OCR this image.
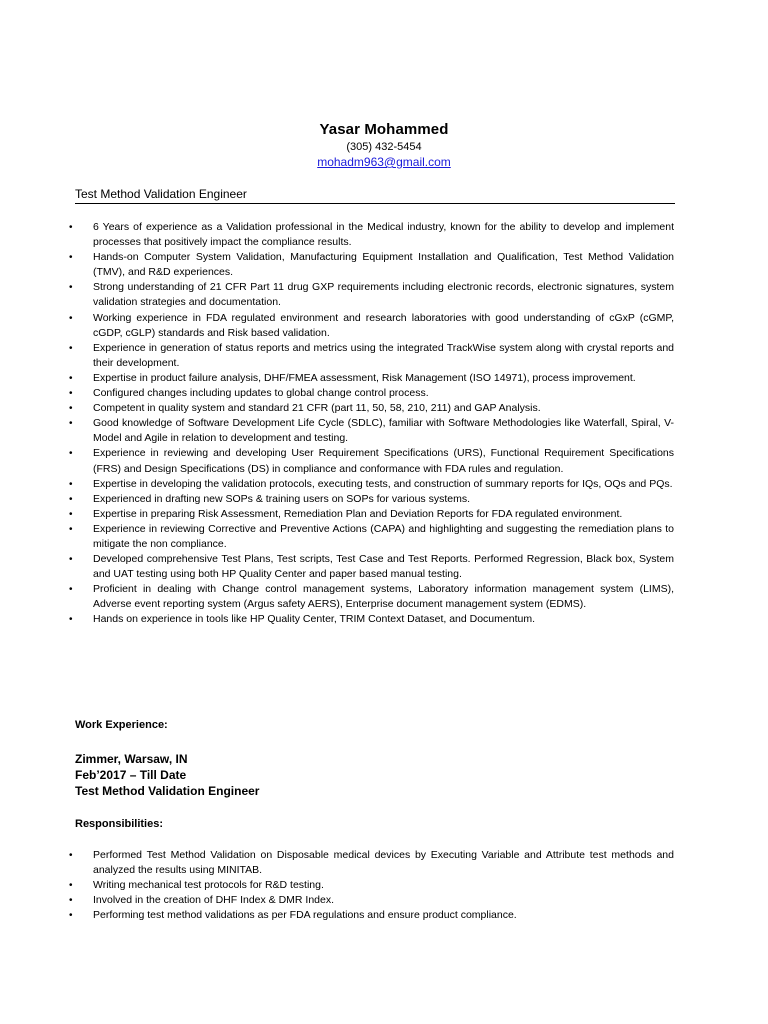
Yasar Mohammed
(305) 432-5454
mohadm963@gmail.com
Test Method Validation Engineer
• 6 Years of experience as a Validation professional in the Medical industry, known for the ability to develop and implement processes that positively impact the compliance results.
• Hands-on Computer System Validation, Manufacturing Equipment Installation and Qualification, Test Method Validation (TMV), and R&D experiences.
• Strong understanding of 21 CFR Part 11 drug GXP requirements including electronic records, electronic signatures, system validation strategies and documentation.
• Working experience in FDA regulated environment and research laboratories with good understanding of cGxP (cGMP, cGDP, cGLP) standards and Risk based validation.
• Experience in generation of status reports and metrics using the integrated TrackWise system along with crystal reports and their development.
• Expertise in product failure analysis, DHF/FMEA assessment, Risk Management (ISO 14971), process improvement.
• Configured changes including updates to global change control process.
• Competent in quality system and standard 21 CFR (part 11, 50, 58, 210, 211) and GAP Analysis.
• Good knowledge of Software Development Life Cycle (SDLC), familiar with Software Methodologies like Waterfall, Spiral, V-Model and Agile in relation to development and testing.
• Experience in reviewing and developing User Requirement Specifications (URS), Functional Requirement Specifications (FRS) and Design Specifications (DS) in compliance and conformance with FDA rules and regulation.
• Expertise in developing the validation protocols, executing tests, and construction of summary reports for IQs, OQs and PQs.
• Experienced in drafting new SOPs & training users on SOPs for various systems.
• Expertise in preparing Risk Assessment, Remediation Plan and Deviation Reports for FDA regulated environment.
• Experience in reviewing Corrective and Preventive Actions (CAPA) and highlighting and suggesting the remediation plans to mitigate the non compliance.
• Developed comprehensive Test Plans, Test scripts, Test Case and Test Reports. Performed Regression, Black box, System and UAT testing using both HP Quality Center and paper based manual testing.
• Proficient in dealing with Change control management systems, Laboratory information management system (LIMS), Adverse event reporting system (Argus safety AERS), Enterprise document management system (EDMS).
• Hands on experience in tools like HP Quality Center, TRIM Context Dataset, and Documentum.
Work Experience:
Zimmer, Warsaw, IN
Feb’2017 – Till Date
Test Method Validation Engineer
Responsibilities:
• Performed Test Method Validation on Disposable medical devices by Executing Variable and Attribute test methods and analyzed the results using MINITAB.
• Writing mechanical test protocols for R&D testing.
• Involved in the creation of DHF Index & DMR Index.
• Performing test method validations as per FDA regulations and ensure product compliance.
